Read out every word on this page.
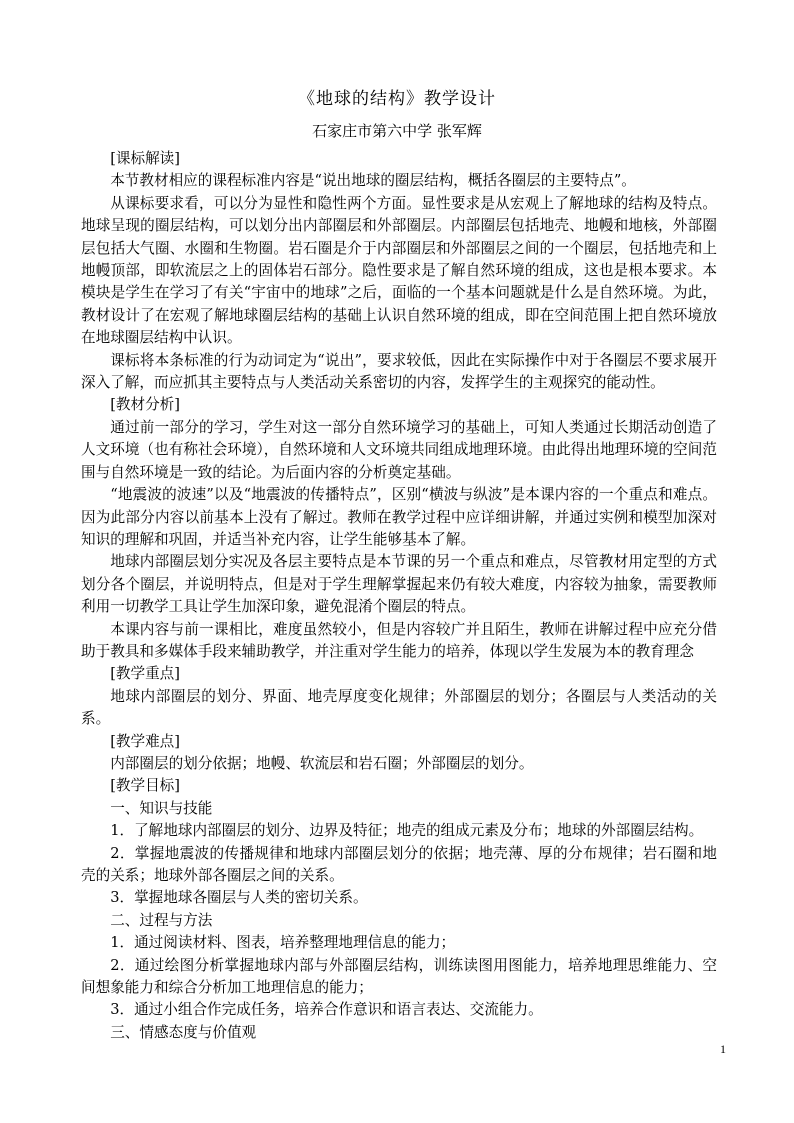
《地球的结构》教学设计
石家庄市第六中学 张军辉

[课标解读]

本节教材相应的课程标准内容是“说出地球的圈层结构，概括各圈层的主要特点”。

从课标要求看，可以分为显性和隐性两个方面。显性要求是从宏观上了解地球的结构及特点。地球呈现的圈层结构，可以划分出内部圈层和外部圈层。内部圈层包括地壳、地幔和地核，外部圈层包括大气圈、水圈和生物圈。岩石圈是介于内部圈层和外部圈层之间的一个圈层，包括地壳和上地幔顶部，即软流层之上的固体岩石部分。隐性要求是了解自然环境的组成，这也是根本要求。本模块是学生在学习了有关“宇宙中的地球”之后，面临的一个基本问题就是什么是自然环境。为此，教材设计了在宏观了解地球圈层结构的基础上认识自然环境的组成，即在空间范围上把自然环境放在地球圈层结构中认识。

课标将本条标准的行为动词定为“说出”，要求较低，因此在实际操作中对于各圈层不要求展开深入了解，而应抓其主要特点与人类活动关系密切的内容，发挥学生的主观探究的能动性。

[教材分析]

通过前一部分的学习，学生对这一部分自然环境学习的基础上，可知人类通过长期活动创造了人文环境（也有称社会环境），自然环境和人文环境共同组成地理环境。由此得出地理环境的空间范围与自然环境是一致的结论。为后面内容的分析奠定基础。

“地震波的波速”以及“地震波的传播特点”，区别“横波与纵波”是本课内容的一个重点和难点。因为此部分内容以前基本上没有了解过。教师在教学过程中应详细讲解，并通过实例和模型加深对知识的理解和巩固，并适当补充内容，让学生能够基本了解。

地球内部圈层划分实况及各层主要特点是本节课的另一个重点和难点，尽管教材用定型的方式划分各个圈层，并说明特点，但是对于学生理解掌握起来仍有较大难度，内容较为抽象，需要教师利用一切教学工具让学生加深印象，避免混淆个圈层的特点。

本课内容与前一课相比，难度虽然较小，但是内容较广并且陌生，教师在讲解过程中应充分借助于教具和多媒体手段来辅助教学，并注重对学生能力的培养，体现以学生发展为本的教育理念

[教学重点]

地球内部圈层的划分、界面、地壳厚度变化规律；外部圈层的划分；各圈层与人类活动的关系。

[教学难点]

内部圈层的划分依据；地幔、软流层和岩石圈；外部圈层的划分。

[教学目标]

一、知识与技能

1．了解地球内部圈层的划分、边界及特征；地壳的组成元素及分布；地球的外部圈层结构。

2．掌握地震波的传播规律和地球内部圈层划分的依据；地壳薄、厚的分布规律；岩石圈和地壳的关系；地球外部各圈层之间的关系。

3．掌握地球各圈层与人类的密切关系。

二、过程与方法

1．通过阅读材料、图表，培养整理地理信息的能力；

2．通过绘图分析掌握地球内部与外部圈层结构，训练读图用图能力，培养地理思维能力、空间想象能力和综合分析加工地理信息的能力；

3．通过小组合作完成任务，培养合作意识和语言表达、交流能力。

三、情感态度与价值观

1
